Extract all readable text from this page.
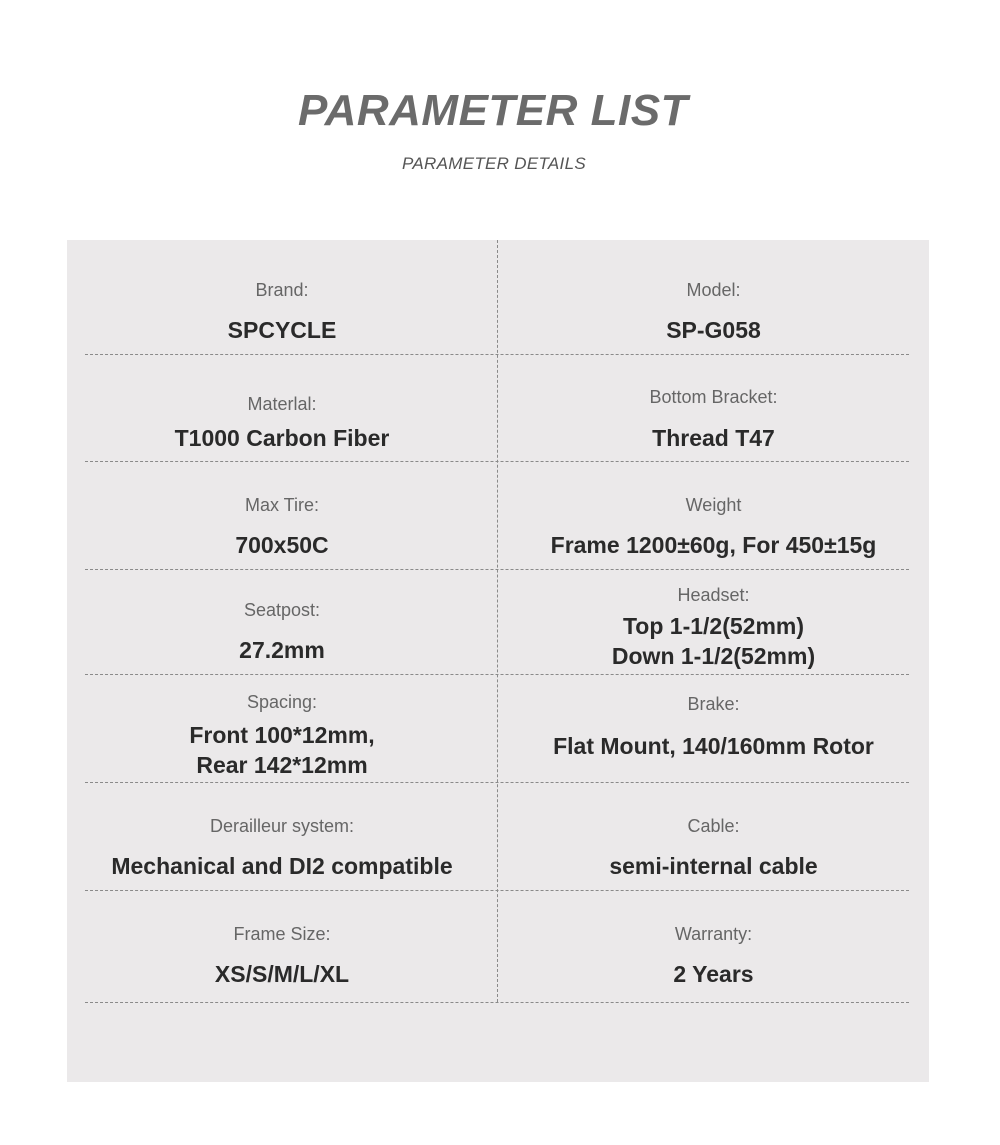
PARAMETER LIST

PARAMETER DETAILS

Brand:
SPCYCLE
Model:
SP-G058
Materlal:
T1000 Carbon Fiber
Bottom Bracket:
Thread T47
Max Tire:
700x50C
Weight
Frame 1200±60g, For 450±15g
Seatpost:
27.2mm
Headset:
Top 1-1/2(52mm)
Down 1-1/2(52mm)
Spacing:
Front 100*12mm,
Rear 142*12mm
Brake:
Flat Mount, 140/160mm Rotor
Derailleur system:
Mechanical and DI2 compatible
Cable:
semi-internal cable
Frame Size:
XS/S/M/L/XL
Warranty:
2 Years
